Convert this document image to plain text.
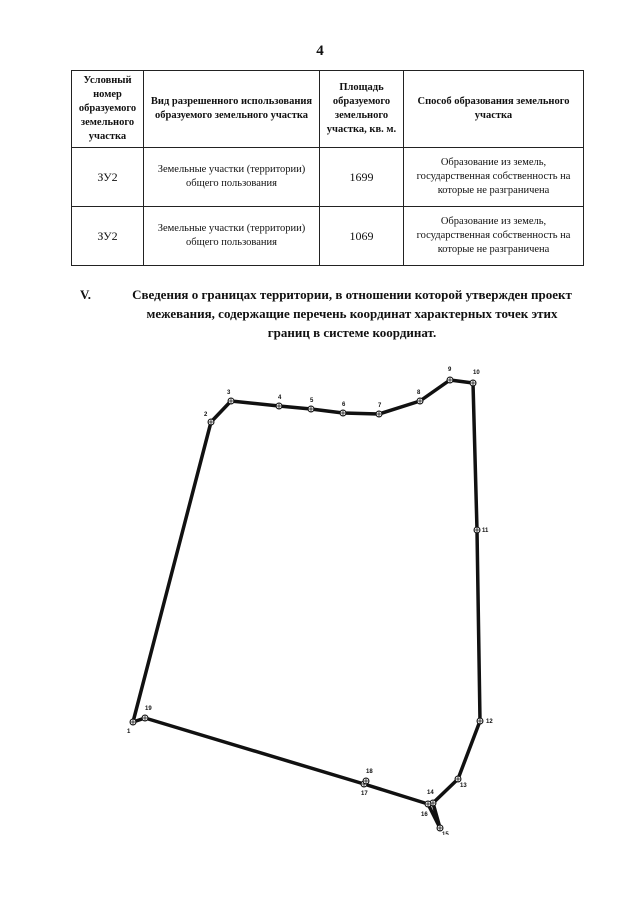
4
Условный номер образуемого земельного участка	Вид разрешенного использования образуемого земельного участка	Площадь образуемого земельного участка, кв. м.	Способ образования земельного участка
ЗУ2	Земельные участки (территории) общего пользования	1699	Образование из земель, государственная собственность на которые не разграничена
ЗУ2	Земельные участки (территории) общего пользования	1069	Образование из земель, государственная собственность на которые не разграничена
V.	Сведения о границах территории, в отношении которой утвержден проект межевания, содержащие перечень координат характерных точек этих границ в системе координат.
1
2
3
4	5
6	7
8
9	10
11
12
13
14
15
16
17
18
19
